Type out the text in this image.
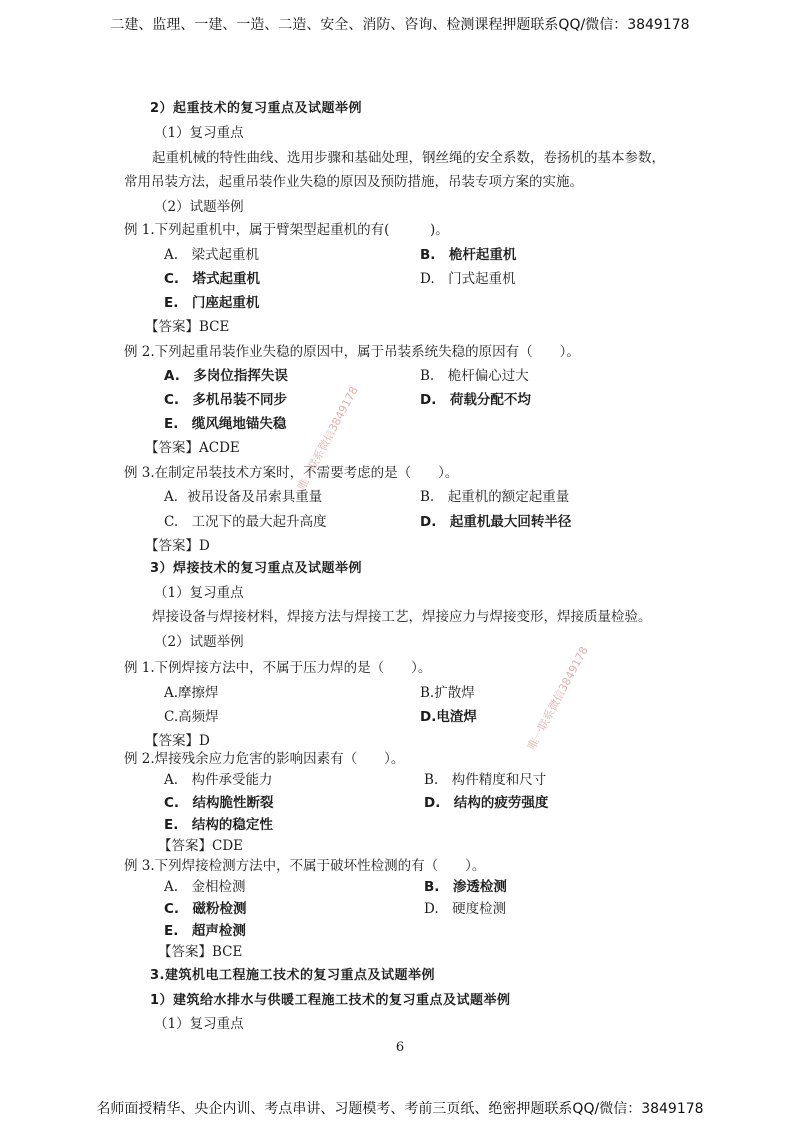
二建、监理、一建、一造、二造、安全、消防、咨询、检测课程押题联系QQ/微信：3849178
2）起重技术的复习重点及试题举例
（1）复习重点
起重机械的特性曲线、选用步骤和基础处理，钢丝绳的安全系数，卷扬机的基本参数，
常用吊装方法，起重吊装作业失稳的原因及预防措施，吊装专项方案的实施。
（2）试题举例
例 1.下列起重机中，属于臂架型起重机的有(　　　)。
A.　梁式起重机	B.　桅杆起重机
C.　塔式起重机	D.　门式起重机
E.　门座起重机
【答案】BCE
例 2.下列起重吊装作业失稳的原因中，属于吊装系统失稳的原因有（　　）。
A.　多岗位指挥失误	B.　桅杆偏心过大
C.　多机吊装不同步	D.　荷载分配不均
E.　缆风绳地锚失稳
【答案】ACDE
例 3.在制定吊装技术方案时，不需要考虑的是（　　）。
A．被吊设备及吊索具重量	B.　起重机的额定起重量
C.　工况下的最大起升高度	D.　起重机最大回转半径
【答案】D
3）焊接技术的复习重点及试题举例
（1）复习重点
焊接设备与焊接材料，焊接方法与焊接工艺，焊接应力与焊接变形，焊接质量检验。
（2）试题举例
例 1.下例焊接方法中，不属于压力焊的是（　　）。
A.摩擦焊	B.扩散焊
C.高频焊	D.电渣焊
【答案】D
例 2.焊接残余应力危害的影响因素有（　　）。
A.　构件承受能力	B.　构件精度和尺寸
C.　结构脆性断裂	D.　结构的疲劳强度
E.　结构的稳定性
【答案】CDE
例 3.下列焊接检测方法中，不属于破坏性检测的有（　　）。
A.　金相检测	B.　渗透检测
C.　磁粉检测	D.　硬度检测
E.　超声检测
【答案】BCE
3.建筑机电工程施工技术的复习重点及试题举例
1）建筑给水排水与供暖工程施工技术的复习重点及试题举例
（1）复习重点
6
唯一联系微信3849178
唯一联系微信3849178
名师面授精华、央企内训、考点串讲、习题模考、考前三页纸、绝密押题联系QQ/微信：3849178
